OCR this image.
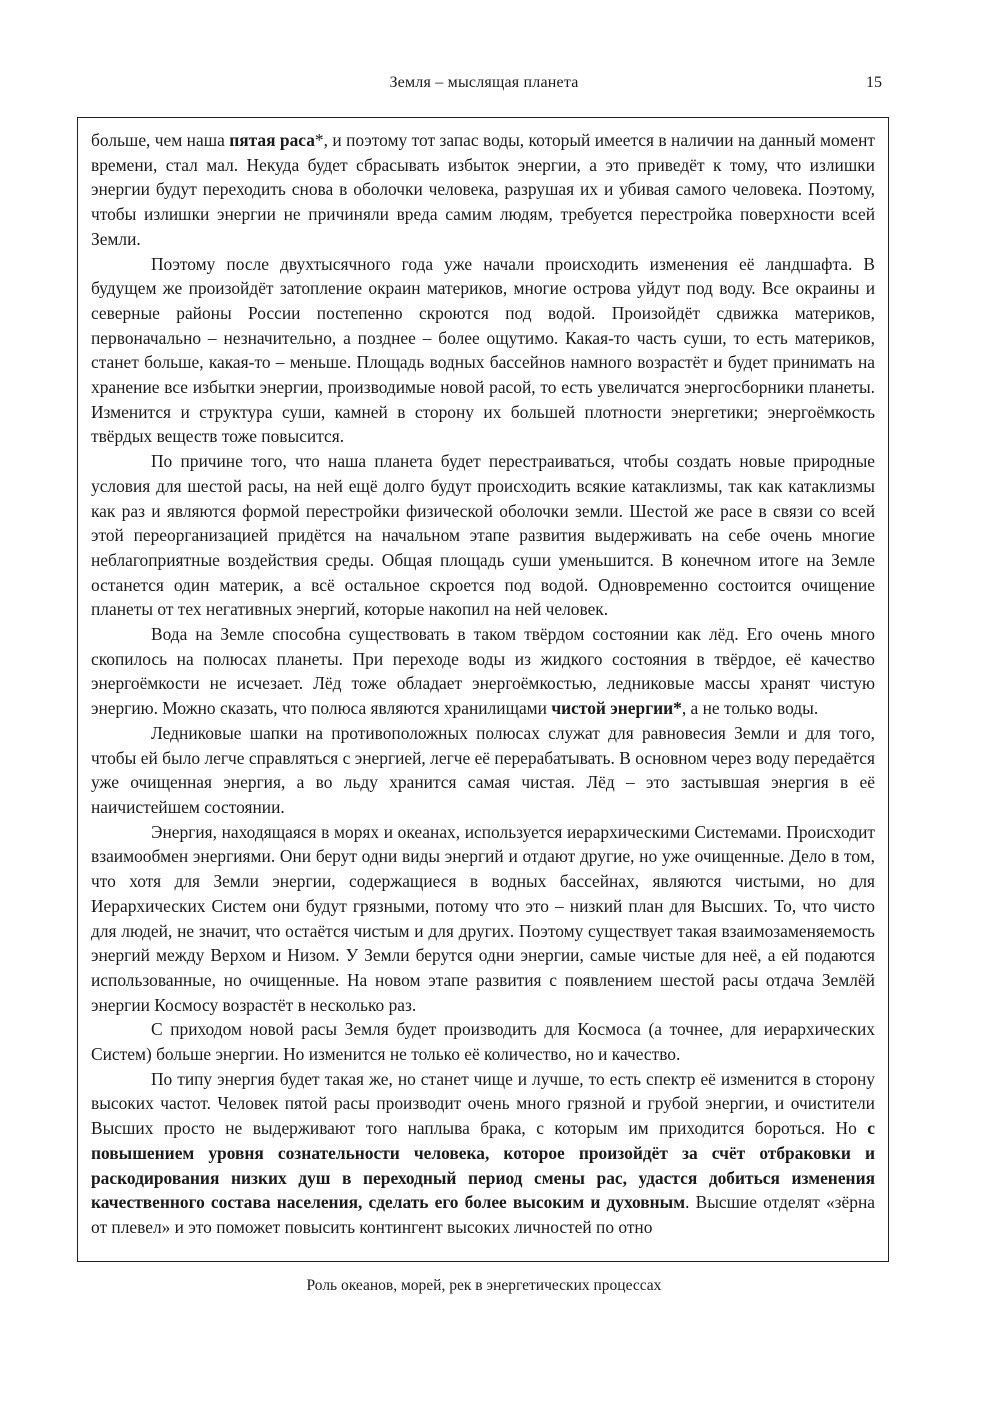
Земля – мыслящая планета	15

больше, чем наша пятая раса*, и поэтому тот запас воды, который имеется в наличии на данный момент времени, стал мал. Некуда будет сбрасывать избыток энергии, а это приведёт к тому, что излишки энергии будут переходить снова в оболочки человека, разрушая их и убивая самого человека. Поэтому, чтобы излишки энергии не причиняли вреда самим людям, требуется перестройка поверхности всей Земли.

Поэтому после двухтысячного года уже начали происходить изменения её ландшафта. В будущем же произойдёт затопление окраин материков, многие острова уйдут под воду. Все окраины и северные районы России постепенно скроются под водой. Произойдёт сдвижка материков, первоначально – незначительно, а позднее – более ощутимо. Какая-то часть суши, то есть материков, станет больше, какая-то – меньше. Площадь водных бассейнов намного возрастёт и будет принимать на хранение все избытки энергии, производимые новой расой, то есть увеличатся энергосборники планеты. Изменится и структура суши, камней в сторону их большей плотности энергетики; энергоёмкость твёрдых веществ тоже повысится.

По причине того, что наша планета будет перестраиваться, чтобы создать новые природные условия для шестой расы, на ней ещё долго будут происходить всякие катаклизмы, так как катаклизмы как раз и являются формой перестройки физической оболочки земли. Шестой же расе в связи со всей этой переорганизацией придётся на начальном этапе развития выдерживать на себе очень многие неблагоприятные воздействия среды. Общая площадь суши уменьшится. В конечном итоге на Земле останется один материк, а всё остальное скроется под водой. Одновременно состоится очищение планеты от тех негативных энергий, которые накопил на ней человек.

Вода на Земле способна существовать в таком твёрдом состоянии как лёд. Его очень много скопилось на полюсах планеты. При переходе воды из жидкого состояния в твёрдое, её качество энергоёмкости не исчезает. Лёд тоже обладает энергоёмкостью, ледниковые массы хранят чистую энергию. Можно сказать, что полюса являются хранилищами чистой энергии*, а не только воды.

Ледниковые шапки на противоположных полюсах служат для равновесия Земли и для того, чтобы ей было легче справляться с энергией, легче её перерабатывать. В основном через воду передаётся уже очищенная энергия, а во льду хранится самая чистая. Лёд – это застывшая энергия в её наичистейшем состоянии.

Энергия, находящаяся в морях и океанах, используется иерархическими Системами. Происходит взаимообмен энергиями. Они берут одни виды энергий и отдают другие, но уже очищенные. Дело в том, что хотя для Земли энергии, содержащиеся в водных бассейнах, являются чистыми, но для Иерархических Систем они будут грязными, потому что это – низкий план для Высших. То, что чисто для людей, не значит, что остаётся чистым и для других. Поэтому существует такая взаимозаменяемость энергий между Верхом и Низом. У Земли берутся одни энергии, самые чистые для неё, а ей подаются использованные, но очищенные. На новом этапе развития с появлением шестой расы отдача Землёй энергии Космосу возрастёт в несколько раз.

С приходом новой расы Земля будет производить для Космоса (а точнее, для иерархических Систем) больше энергии. Но изменится не только её количество, но и качество.

По типу энергия будет такая же, но станет чище и лучше, то есть спектр её изменится в сторону высоких частот. Человек пятой расы производит очень много грязной и грубой энергии, и очистители Высших просто не выдерживают того наплыва брака, с которым им приходится бороться. Но с повышением уровня сознательности человека, которое произойдёт за счёт отбраковки и раскодирования низких душ в переходный период смены рас, удастся добиться изменения качественного состава населения, сделать его более высоким и духовным. Высшие отделят «зёрна от плевел» и это поможет повысить контингент высоких личностей по отно

Роль океанов, морей, рек в энергетических процессах
